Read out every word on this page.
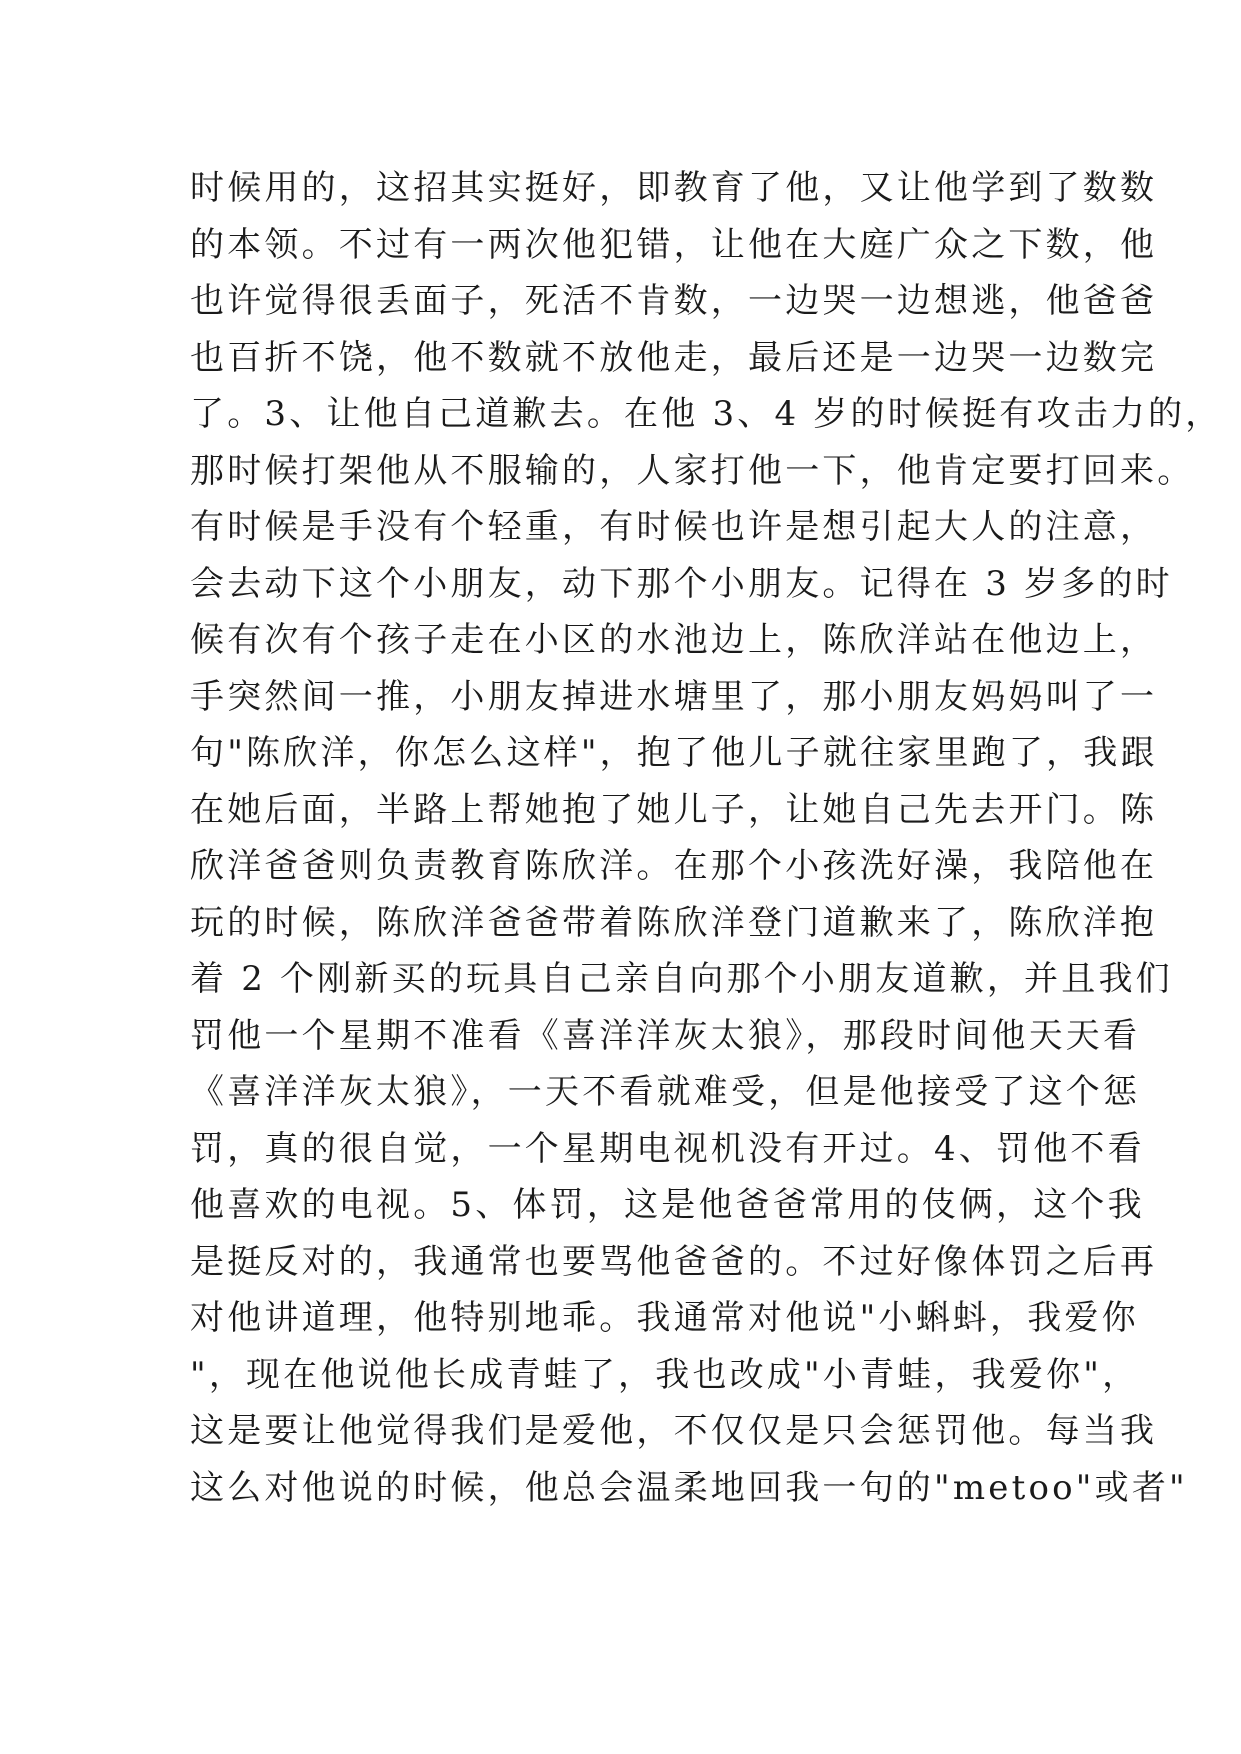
时候用的，这招其实挺好，即教育了他，又让他学到了数数
的本领。不过有一两次他犯错，让他在大庭广众之下数，他
也许觉得很丢面子，死活不肯数，一边哭一边想逃，他爸爸
也百折不饶，他不数就不放他走，最后还是一边哭一边数完
了。3、让他自己道歉去。在他 3、4 岁的时候挺有攻击力的，
那时候打架他从不服输的，人家打他一下，他肯定要打回来。
有时候是手没有个轻重，有时候也许是想引起大人的注意，
会去动下这个小朋友，动下那个小朋友。记得在 3 岁多的时
候有次有个孩子走在小区的水池边上，陈欣洋站在他边上，
手突然间一推，小朋友掉进水塘里了，那小朋友妈妈叫了一
句"陈欣洋，你怎么这样"，抱了他儿子就往家里跑了，我跟
在她后面，半路上帮她抱了她儿子，让她自己先去开门。陈
欣洋爸爸则负责教育陈欣洋。在那个小孩洗好澡，我陪他在
玩的时候，陈欣洋爸爸带着陈欣洋登门道歉来了，陈欣洋抱
着 2 个刚新买的玩具自己亲自向那个小朋友道歉，并且我们
罚他一个星期不准看《喜洋洋灰太狼》，那段时间他天天看
《喜洋洋灰太狼》，一天不看就难受，但是他接受了这个惩
罚，真的很自觉，一个星期电视机没有开过。4、罚他不看
他喜欢的电视。5、体罚，这是他爸爸常用的伎俩，这个我
是挺反对的，我通常也要骂他爸爸的。不过好像体罚之后再
对他讲道理，他特别地乖。我通常对他说"小蝌蚪，我爱你
"，现在他说他长成青蛙了，我也改成"小青蛙，我爱你"，
这是要让他觉得我们是爱他，不仅仅是只会惩罚他。每当我
这么对他说的时候，他总会温柔地回我一句的"metoo"或者"
